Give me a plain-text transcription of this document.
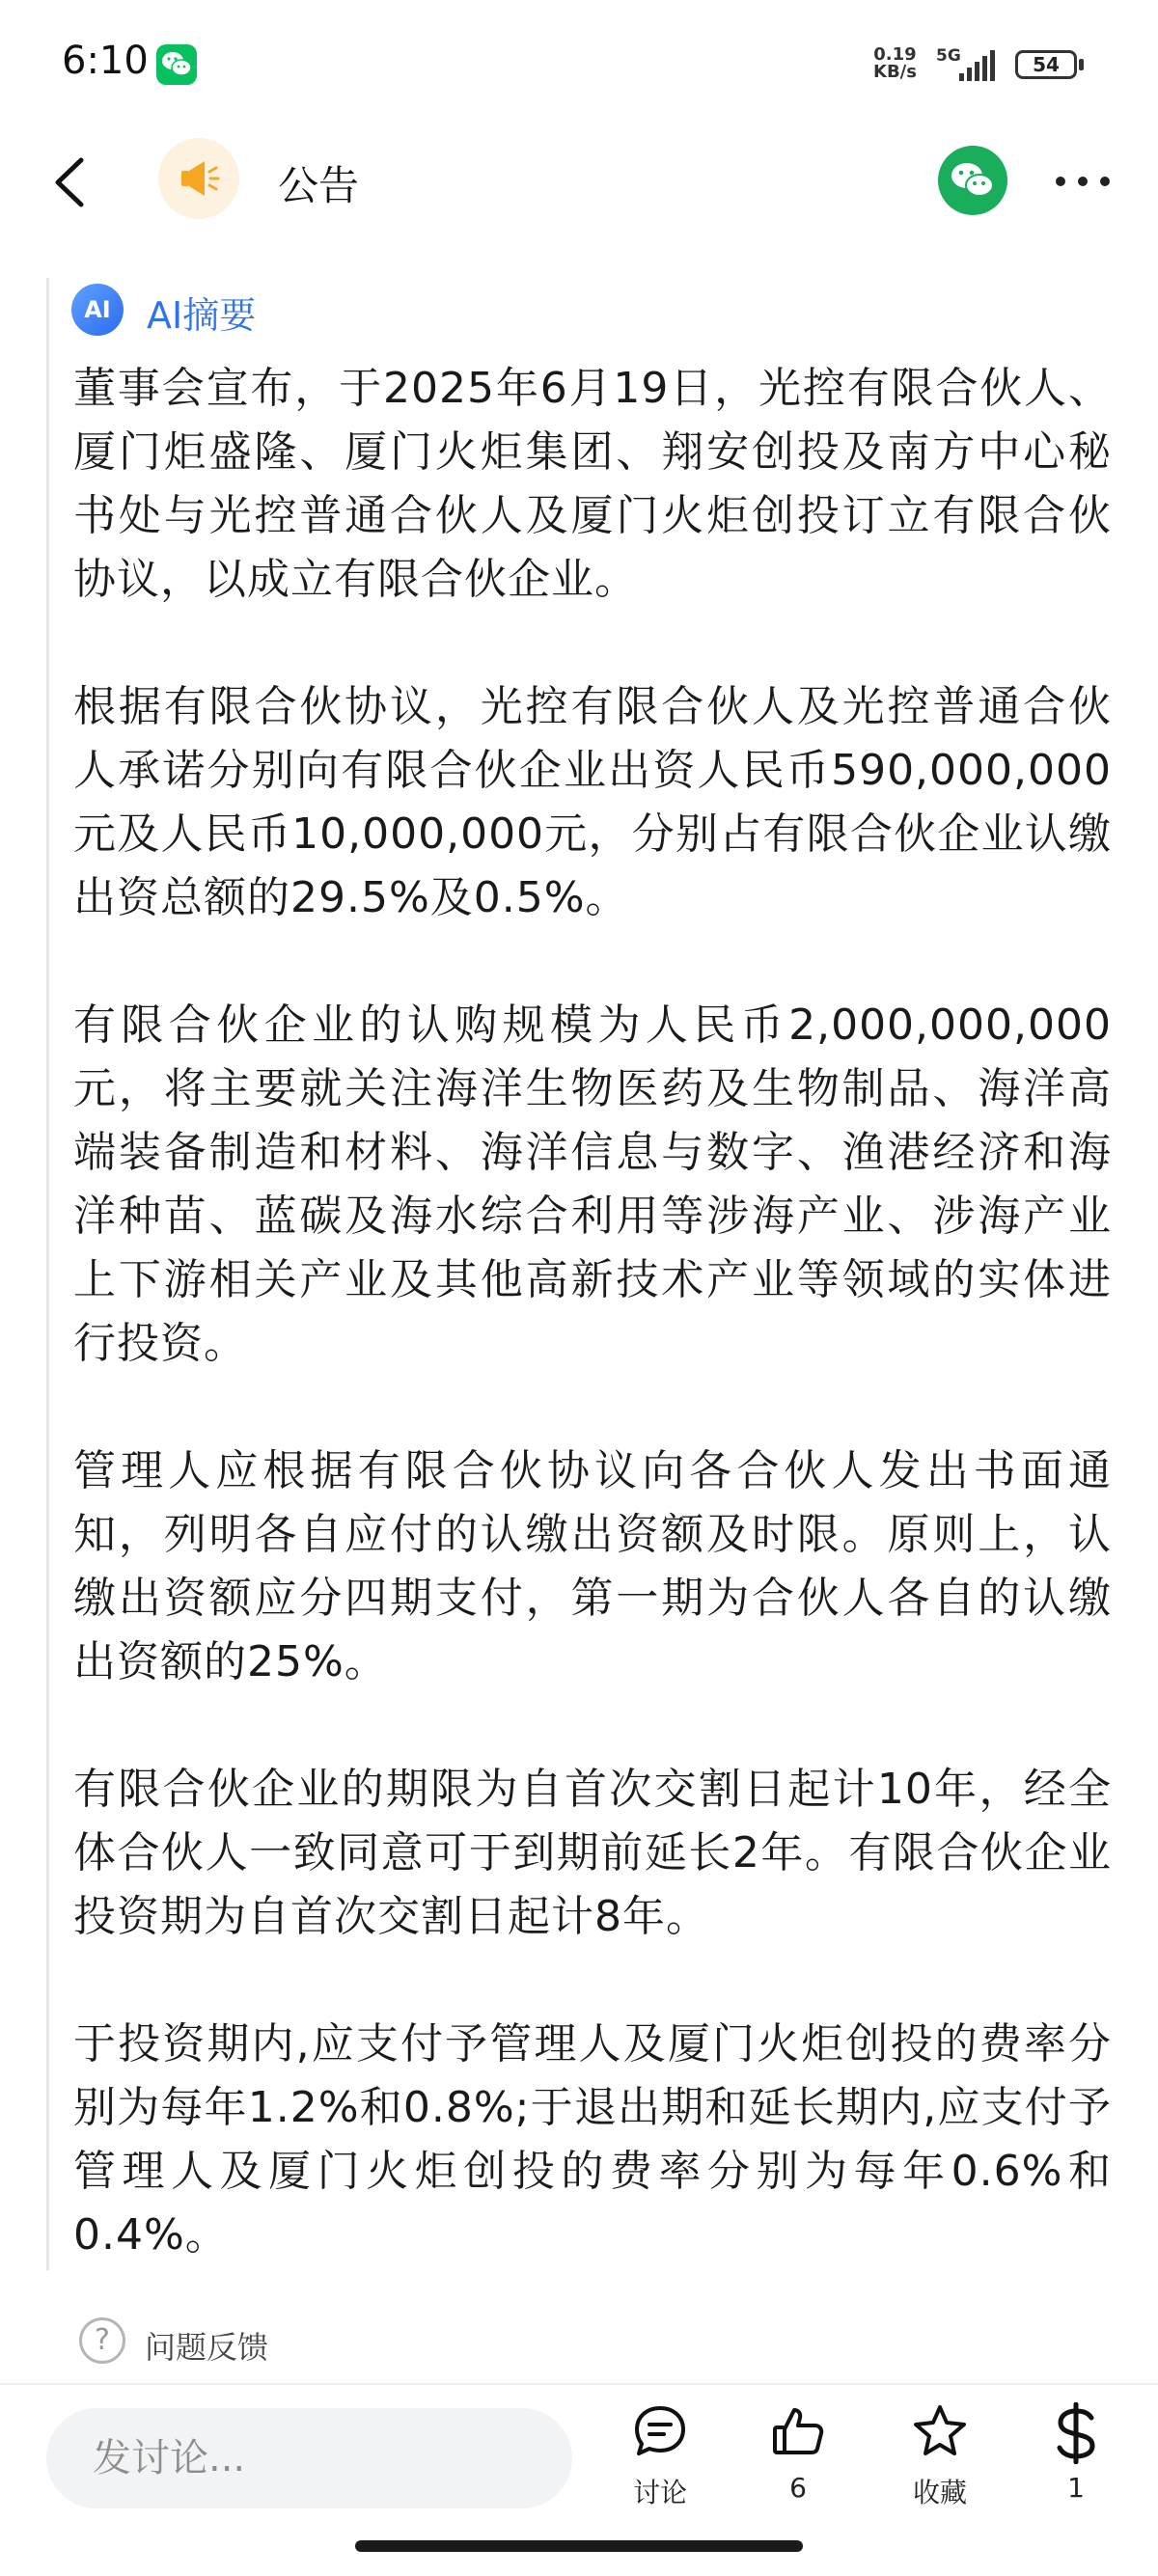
6:10	0.19
KB/s
5G	54
公告
AI AI摘要

董事会宣布，于2025年6月19日，光控有限合伙人、厦门炬盛隆、厦门火炬集团、翔安创投及南方中心秘书处与光控普通合伙人及厦门火炬创投订立有限合伙协议，以成立有限合伙企业。

根据有限合伙协议，光控有限合伙人及光控普通合伙人承诺分别向有限合伙企业出资人民币590,000,000元及人民币10,000,000元，分别占有限合伙企业认缴出资总额的29.5%及0.5%。

有限合伙企业的认购规模为人民币2,000,000,000元，将主要就关注海洋生物医药及生物制品、海洋高端装备制造和材料、海洋信息与数字、渔港经济和海洋种苗、蓝碳及海水综合利用等涉海产业、涉海产业上下游相关产业及其他高新技术产业等领域的实体进行投资。

管理人应根据有限合伙协议向各合伙人发出书面通知，列明各自应付的认缴出资额及时限。原则上，认缴出资额应分四期支付，第一期为合伙人各自的认缴出资额的25%。

有限合伙企业的期限为自首次交割日起计10年，经全体合伙人一致同意可于到期前延长2年。有限合伙企业投资期为自首次交割日起计8年。

于投资期内,应支付予管理人及厦门火炬创投的费率分别为每年1.2%和0.8%;于退出期和延长期内,应支付予管理人及厦门火炬创投的费率分别为每年0.6%和0.4%。

?	问题反馈
发讨论...
讨论	6	收藏	1
